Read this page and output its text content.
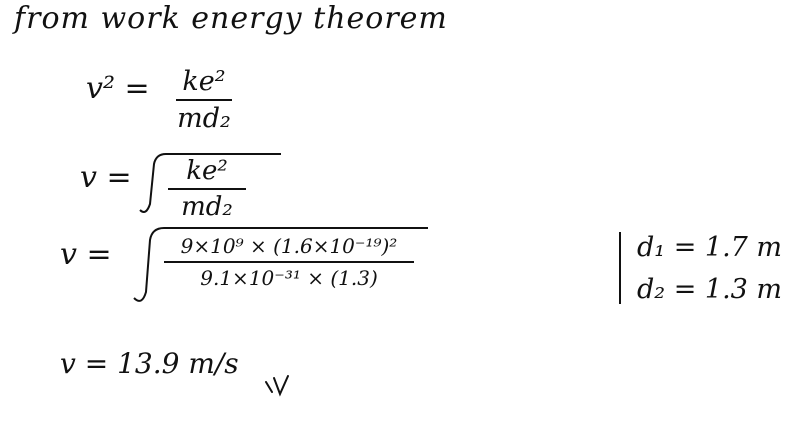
from work energy theorem
v² = ke²
md₂
v = ke²
md₂
v =	9×10⁹ × (1.6×10⁻¹⁹)²
9.1×10⁻³¹ × (1.3)
v = 13.9 m/s
d₁ = 1.7 m
d₂ = 1.3 m
